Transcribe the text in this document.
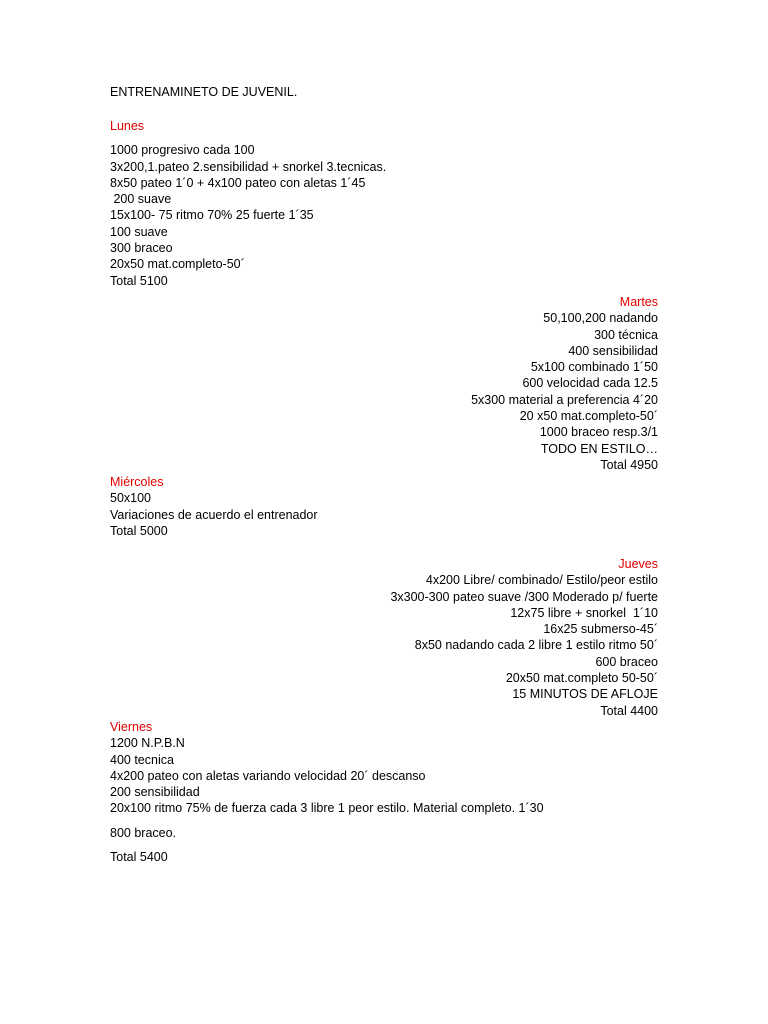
ENTRENAMINETO DE JUVENIL.
Lunes
1000 progresivo cada 100
3x200,1.pateo 2.sensibilidad + snorkel 3.tecnicas.
8x50 pateo 1´0 + 4x100 pateo con aletas 1´45
200 suave
15x100- 75 ritmo 70% 25 fuerte 1´35
100 suave
300 braceo
20x50 mat.completo-50´
Total 5100
Martes
50,100,200 nadando
300 técnica
400 sensibilidad
5x100 combinado 1´50
600 velocidad cada 12.5
5x300 material a preferencia 4´20
20 x50 mat.completo-50´
1000 braceo resp.3/1
TODO EN ESTILO…
Total 4950
Miércoles
50x100
Variaciones de acuerdo el entrenador
Total 5000
Jueves
4x200 Libre/ combinado/ Estilo/peor estilo
3x300-300 pateo suave /300 Moderado p/ fuerte
12x75 libre + snorkel  1´10
16x25 submerso-45´
8x50 nadando cada 2 libre 1 estilo ritmo 50´
600 braceo
20x50 mat.completo 50-50´
15 MINUTOS DE AFLOJE
Total 4400
Viernes
1200 N.P.B.N
400 tecnica
4x200 pateo con aletas variando velocidad 20´ descanso
200 sensibilidad
20x100 ritmo 75% de fuerza cada 3 libre 1 peor estilo. Material completo. 1´30
800 braceo.
Total 5400
